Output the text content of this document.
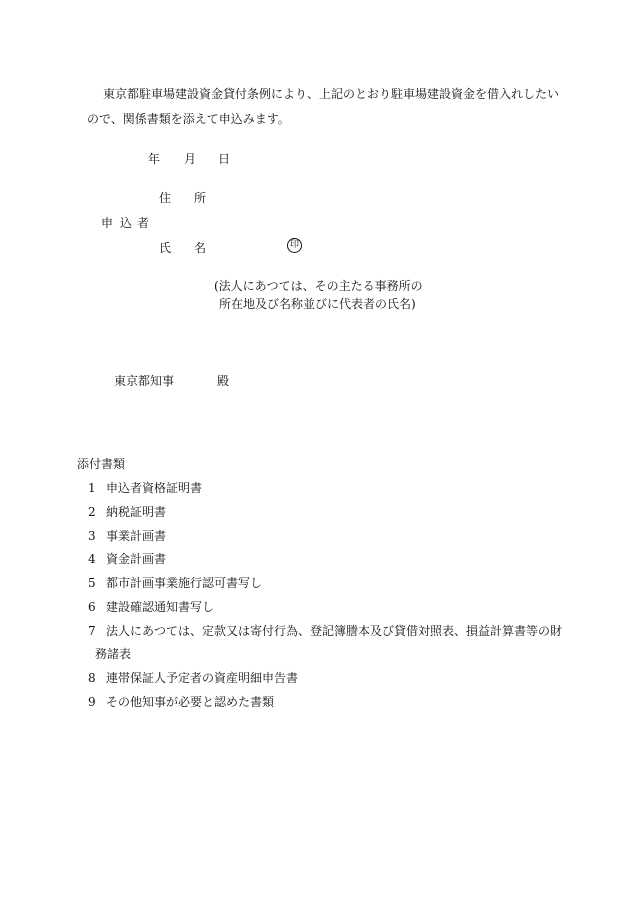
東京都駐車場建設資金貸付条例により、上記のとおり駐車場建設資金を借入れしたい
ので、関係書類を添えて申込みます。
年 月 日
住 所
申 込 者
氏 名	印
(法人にあつては、その主たる事務所の
所在地及び名称並びに代表者の氏名)
東京都知事	殿
添付書類
1 申込者資格証明書
2 納税証明書
3 事業計画書
4 資金計画書
5 都市計画事業施行認可書写し
6 建設確認通知書写し
7 法人にあつては、定款又は寄付行為、登記簿謄本及び貸借対照表、損益計算書等の財
務諸表
8 連帯保証人予定者の資産明細申告書
9 その他知事が必要と認めた書類
